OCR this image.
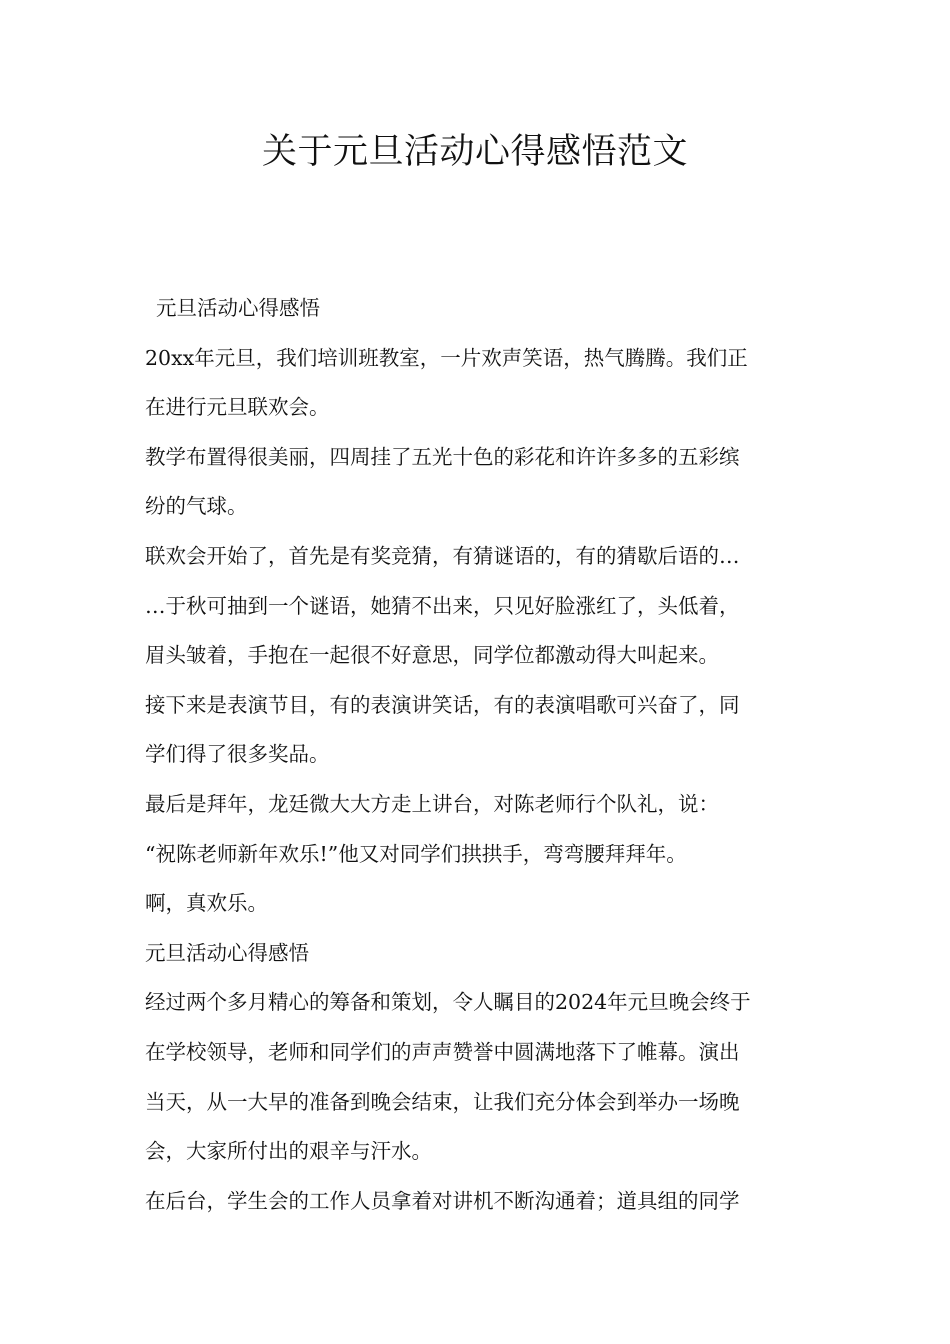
关于元旦活动心得感悟范文
元旦活动心得感悟
20xx年元旦，我们培训班教室，一片欢声笑语，热气腾腾。我们正
在进行元旦联欢会。
教学布置得很美丽，四周挂了五光十色的彩花和许许多多的五彩缤
纷的气球。
联欢会开始了，首先是有奖竞猜，有猜谜语的，有的猜歇后语的…
…于秋可抽到一个谜语，她猜不出来，只见好脸涨红了，头低着，
眉头皱着，手抱在一起很不好意思，同学位都激动得大叫起来。
接下来是表演节目，有的表演讲笑话，有的表演唱歌可兴奋了，同
学们得了很多奖品。
最后是拜年，龙廷微大大方走上讲台，对陈老师行个队礼，说：
“祝陈老师新年欢乐!”他又对同学们拱拱手，弯弯腰拜拜年。
啊，真欢乐。
元旦活动心得感悟
经过两个多月精心的筹备和策划，令人瞩目的2024年元旦晚会终于
在学校领导，老师和同学们的声声赞誉中圆满地落下了帷幕。演出
当天，从一大早的准备到晚会结束，让我们充分体会到举办一场晚
会，大家所付出的艰辛与汗水。
在后台，学生会的工作人员拿着对讲机不断沟通着；道具组的同学
